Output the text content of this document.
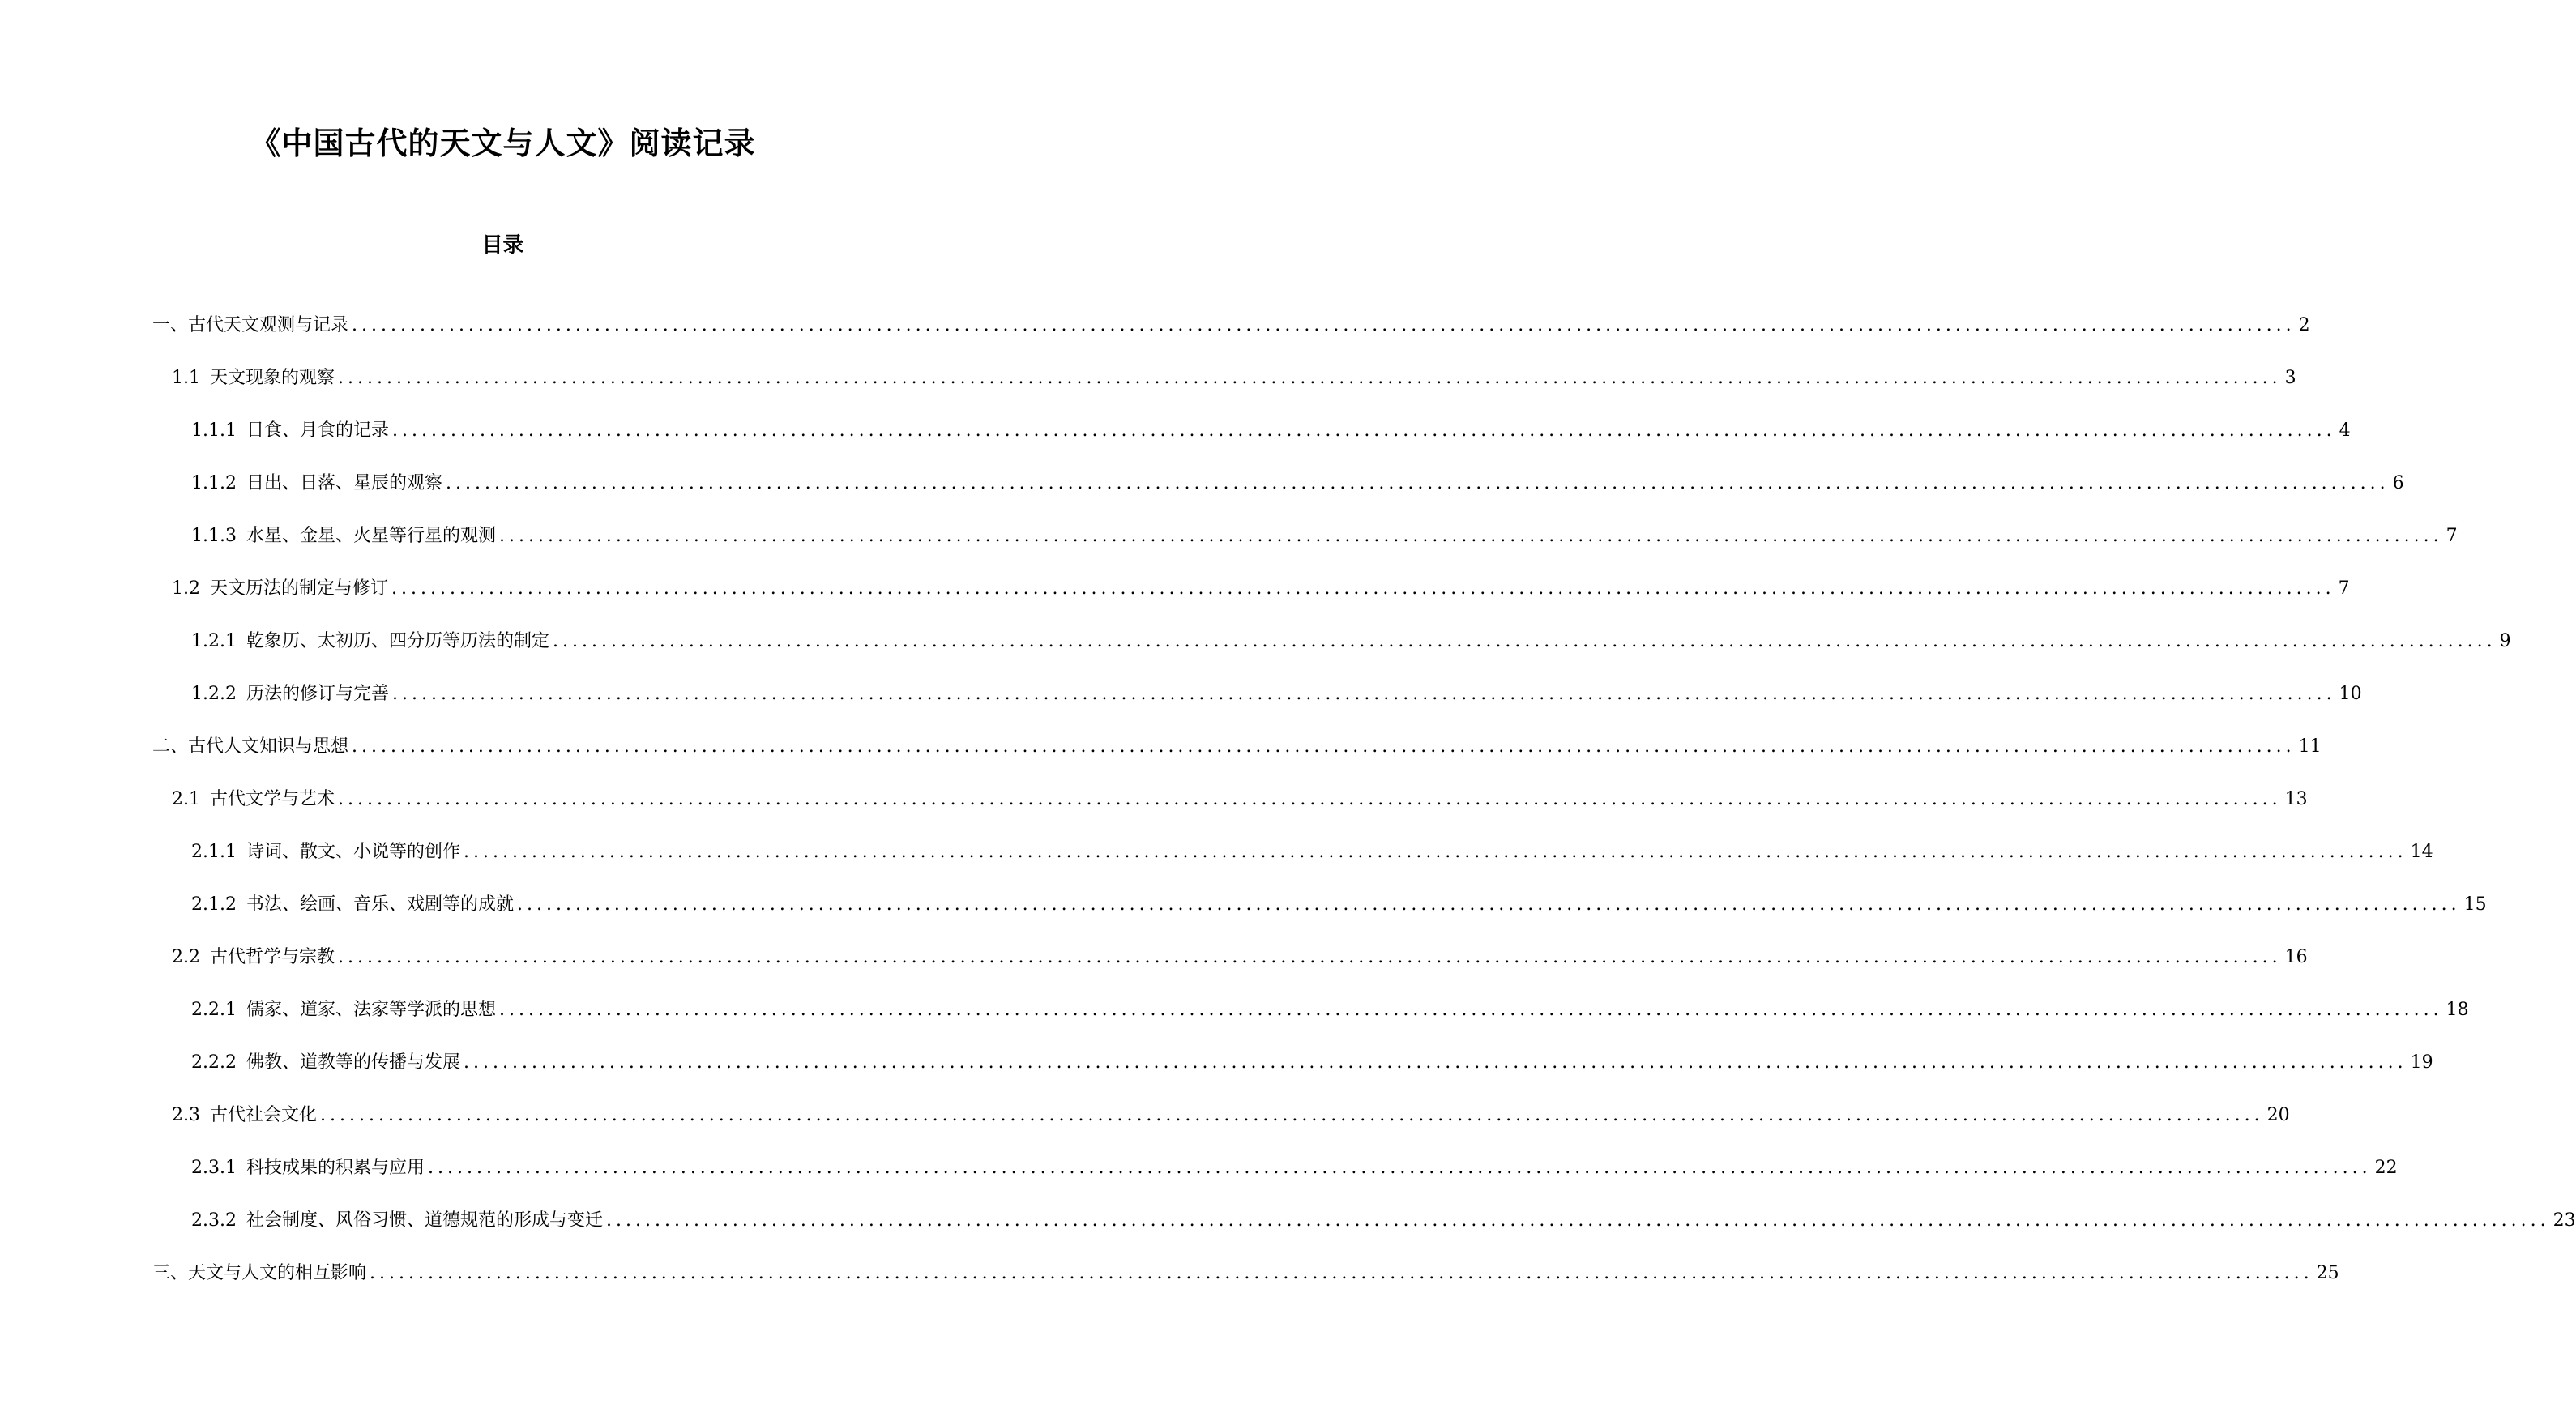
《中国古代的天文与人文》阅读记录
目录
一、古代天文观测与记录 ........................................................................................................................................................................................................ 2
1.1 天文现象的观察 ........................................................................................................................................................................................................ 3
1.1.1 日食、月食的记录 ........................................................................................................................................................................................................ 4
1.1.2 日出、日落、星辰的观察 ........................................................................................................................................................................................................ 6
1.1.3 水星、金星、火星等行星的观测 ........................................................................................................................................................................................................ 7
1.2 天文历法的制定与修订 ........................................................................................................................................................................................................ 7
1.2.1 乾象历、太初历、四分历等历法的制定 ........................................................................................................................................................................................................ 9
1.2.2 历法的修订与完善 ........................................................................................................................................................................................................ 10
二、古代人文知识与思想 ........................................................................................................................................................................................................ 11
2.1 古代文学与艺术 ........................................................................................................................................................................................................ 13
2.1.1 诗词、散文、小说等的创作 ........................................................................................................................................................................................................ 14
2.1.2 书法、绘画、音乐、戏剧等的成就 ........................................................................................................................................................................................................ 15
2.2 古代哲学与宗教 ........................................................................................................................................................................................................ 16
2.2.1 儒家、道家、法家等学派的思想 ........................................................................................................................................................................................................ 18
2.2.2 佛教、道教等的传播与发展 ........................................................................................................................................................................................................ 19
2.3 古代社会文化 ........................................................................................................................................................................................................ 20
2.3.1 科技成果的积累与应用 ........................................................................................................................................................................................................ 22
2.3.2 社会制度、风俗习惯、道德规范的形成与变迁 ........................................................................................................................................................................................................ 23
三、天文与人文的相互影响 ........................................................................................................................................................................................................ 25
